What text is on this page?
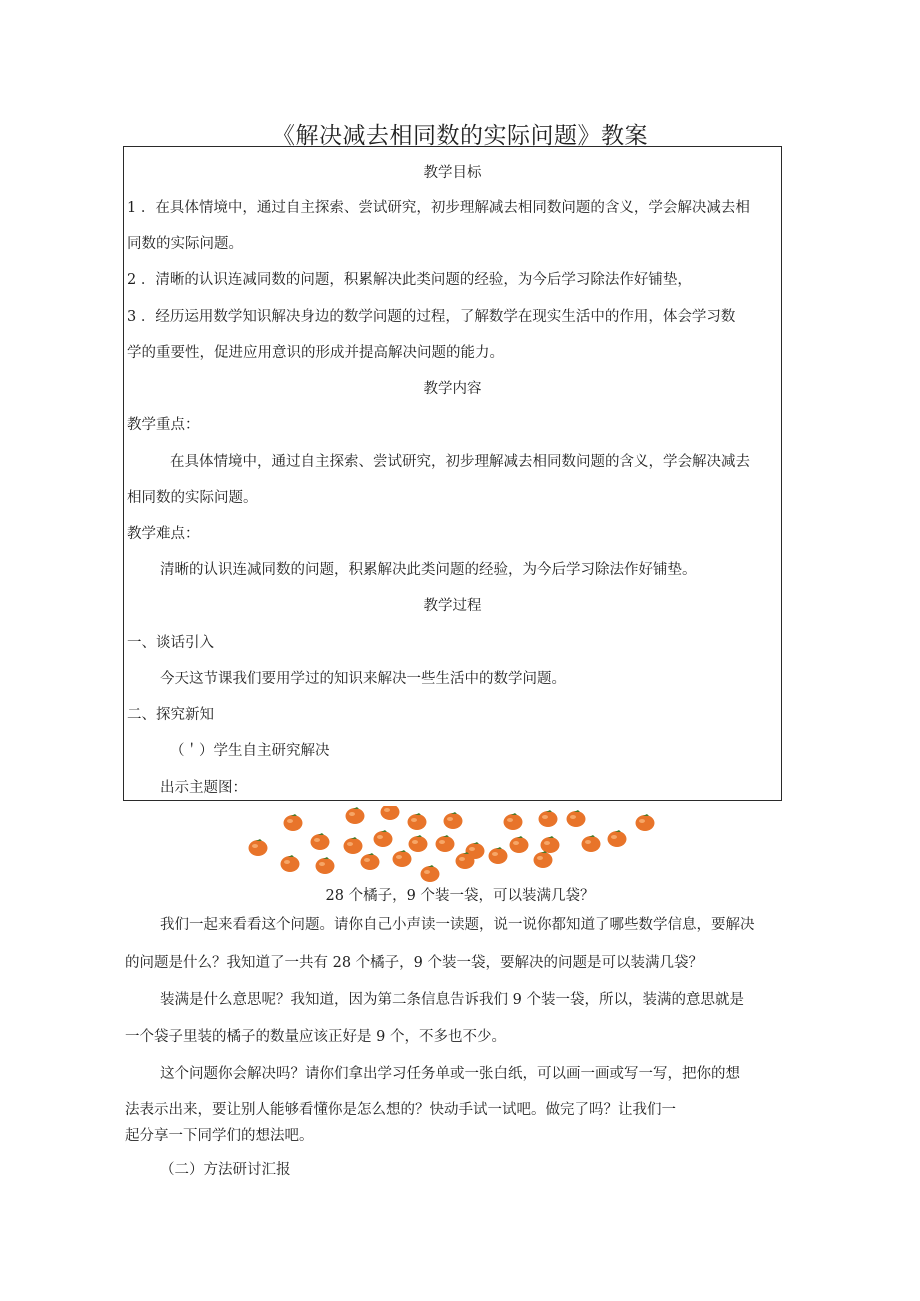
《解决减去相同数的实际问题》教案
教学目标
1 ．在具体情境中，通过自主探索、尝试研究，初步理解减去相同数问题的含义，学会解决减去相
同数的实际问题。
2 ．清晰的认识连减同数的问题，积累解决此类问题的经验，为今后学习除法作好铺垫，
3 ．经历运用数学知识解决身边的数学问题的过程，了解数学在现实生活中的作用，体会学习数
学的重要性，促进应用意识的形成并提高解决问题的能力。
教学内容
教学重点：
在具体情境中，通过自主探索、尝试研究，初步理解减去相同数问题的含义，学会解决减去
相同数的实际问题。
教学难点：
清晰的认识连减同数的问题，积累解决此类问题的经验，为今后学习除法作好铺垫。
教学过程
一、谈话引入
今天这节课我们要用学过的知识来解决一些生活中的数学问题。
二、探究新知
（＇）学生自主研究解决
出示主题图：
28 个橘子，9 个装一袋，可以装满几袋？
我们一起来看看这个问题。请你自己小声读一读题，说一说你都知道了哪些数学信息，要解决
的问题是什么？我知道了一共有 28 个橘子，9 个装一袋，要解决的问题是可以装满几袋？
装满是什么意思呢？我知道，因为第二条信息告诉我们 9 个装一袋，所以，装满的意思就是
一个袋子里装的橘子的数量应该正好是 9 个，不多也不少。
这个问题你会解决吗？请你们拿出学习任务单或一张白纸，可以画一画或写一写，把你的想
法表示出来，要让别人能够看懂你是怎么想的？快动手试一试吧。做完了吗？让我们一
起分享一下同学们的想法吧。
（二）方法研讨汇报
